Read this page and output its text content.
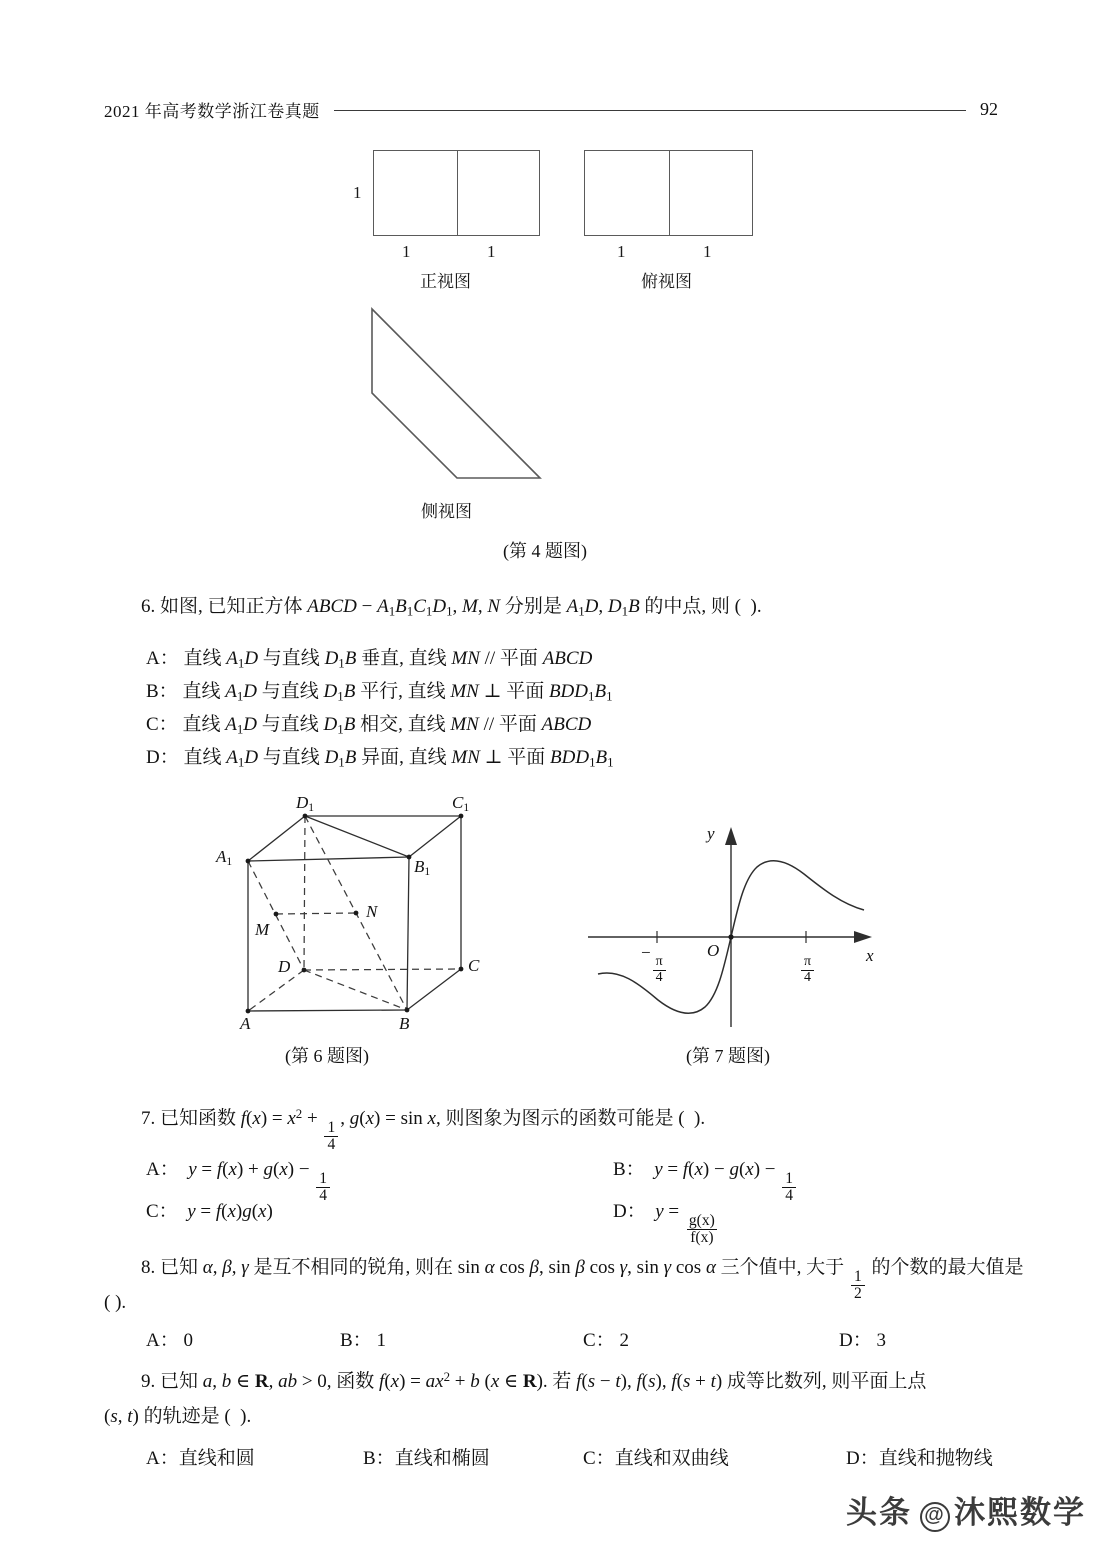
2021 年高考数学浙江卷真题	92
1
1	1
正视图
1	1
俯视图
侧视图
(第 4 题图)
6. 如图, 已知正方体 ABCD − $A_1B_1C_1D_1$, M, N 分别是 $A_1D$, $D_1B$ 的中点, 则 (  ).
A： 直线 $A_1D$ 与直线 $D_1B$ 垂直, 直线 MN // 平面 ABCD
B： 直线 $A_1D$ 与直线 $D_1B$ 平行, 直线 MN ⊥ 平面 $BDD_1B_1$
C： 直线 $A_1D$ 与直线 $D_1B$ 相交, 直线 MN // 平面 ABCD
D： 直线 $A_1D$ 与直线 $D_1B$ 异面, 直线 MN ⊥ 平面 $BDD_1B_1$
$D_1$	$C_1$
$A_1$	$B_1$
N
M
D	C
A	B
(第 6 题图)
y
x
O
−
$\frac{\pi}{4}$	$\frac{\pi}{4}$
(第 7 题图)
7. 已知函数 $f(x) = x^2$ +
$\frac{1}{4}$
, g(x) = sin x, 则图象为图示的函数可能是 (  ).
A： y = f(x) + g(x) −
$\frac{1}{4}$
B： y = f(x) − g(x) −
$\frac{1}{4}$
C： y = f(x)g(x)	D： y =
$\frac{g(x)}{f(x)}$
8. 已知 α, β, γ 是互不相同的锐角, 则在 sin α cos β, sin β cos γ, sin γ cos α 三个值中, 大于
$\frac{1}{2}$
的个数的最大值是
( ).
A： 0	B： 1	C： 2	D： 3
9. 已知 a, b ∈ R, ab > 0, 函数 $f(x) = ax^2 + b$ (x ∈ R). 若 f(s − t), f(s), f(s + t) 成等比数列, 则平面上点
(s, t) 的轨迹是 (  ).
A：直线和圆	B：直线和椭圆	C：直线和双曲线	D：直线和抛物线
头条 @ 沐熙数学
